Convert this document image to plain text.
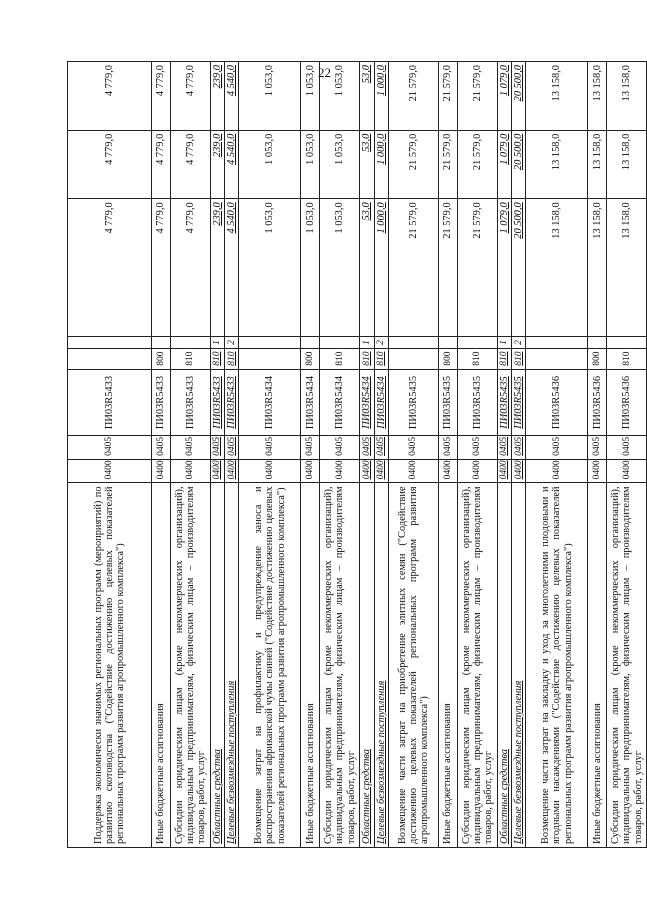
22
Поддержка экономически значимых региональных программ (мероприятий) по развитию скотоводства ("Содействие достижению целевых показателей региональных программ развития агропромышленного комплекса")	0400	0405	ПИ03R5433			4 779,0	4 779,0	4 779,0
Иные бюджетные ассигнования	0400	0405	ПИ03R5433	800		4 779,0	4 779,0	4 779,0
Субсидии юридическим лицам (кроме некоммерческих организаций), индивидуальным предпринимателям, физическим лицам – производителям товаров, работ, услуг	0400	0405	ПИ03R5433	810		4 779,0	4 779,0	4 779,0
Областные средства	0400	0405	ПИ03R5433	810	1	239,0	239,0	239,0
Целевые безвозмездные поступления	0400	0405	ПИ03R5433	810	2	4 540,0	4 540,0	4 540,0
Возмещение затрат на профилактику и предупреждение заноса и распространения африканской чумы свиней ("Содействие достижению целевых показателей региональных программ развития агропромышленного комплекса")	0400	0405	ПИ03R5434			1 053,0	1 053,0	1 053,0
Иные бюджетные ассигнования	0400	0405	ПИ03R5434	800		1 053,0	1 053,0	1 053,0
Субсидии юридическим лицам (кроме некоммерческих организаций), индивидуальным предпринимателям, физическим лицам – производителям товаров, работ, услуг	0400	0405	ПИ03R5434	810		1 053,0	1 053,0	1 053,0
Областные средства	0400	0405	ПИ03R5434	810	1	53,0	53,0	53,0
Целевые безвозмездные поступления	0400	0405	ПИ03R5434	810	2	1 000,0	1 000,0	1 000,0
Возмещение части затрат на приобретение элитных семян ("Содействие достижению целевых показателей региональных программ развития агропромышленного комплекса")	0400	0405	ПИ03R5435			21 579,0	21 579,0	21 579,0
Иные бюджетные ассигнования	0400	0405	ПИ03R5435	800		21 579,0	21 579,0	21 579,0
Субсидии юридическим лицам (кроме некоммерческих организаций), индивидуальным предпринимателям, физическим лицам – производителям товаров, работ, услуг	0400	0405	ПИ03R5435	810		21 579,0	21 579,0	21 579,0
Областные средства	0400	0405	ПИ03R5435	810	1	1 079,0	1 079,0	1 079,0
Целевые безвозмездные поступления	0400	0405	ПИ03R5435	810	2	20 500,0	20 500,0	20 500,0
Возмещение части затрат на закладку и уход за многолетними плодовыми и ягодными насаждениями ("Содействие достижению целевых показателей региональных программ развития агропромышленного комплекса")	0400	0405	ПИ03R5436			13 158,0	13 158,0	13 158,0
Иные бюджетные ассигнования	0400	0405	ПИ03R5436	800		13 158,0	13 158,0	13 158,0
Субсидии юридическим лицам (кроме некоммерческих организаций), индивидуальным предпринимателям, физическим лицам – производителям товаров, работ, услуг	0400	0405	ПИ03R5436	810		13 158,0	13 158,0	13 158,0
